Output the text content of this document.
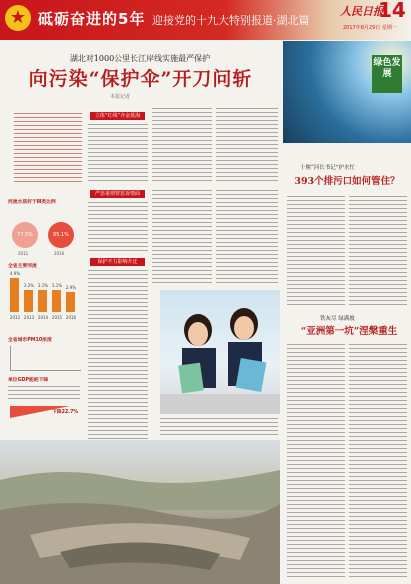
★ 砥砺奋进的5年 迎接党的十九大特别报道·湖北篇
人民日报
14
2017年8月29日 星期一
湖北对1000公里长江岸线实施最严保护
向污染“保护伞”开刀问斩
本报记者
立体“红线”齐金蓝海
严惩重则罪惩诉情面
保护不力影响升迁
河流水质好于Ⅲ类比例
77.5%	85.1%
2011	2016
全省主要河流
4.9%
2012
3.2%
2013
3.1%
2014
3.1%
2015
2.9%
2016
全省城市PM10浓度
单位GDP能耗下降
下降22.7%
绿色发展
十堰“河长书记”护水忙
393个排污口如何管住？
铁灰尽 绿满坡
“亚洲第一坑”涅槃重生
